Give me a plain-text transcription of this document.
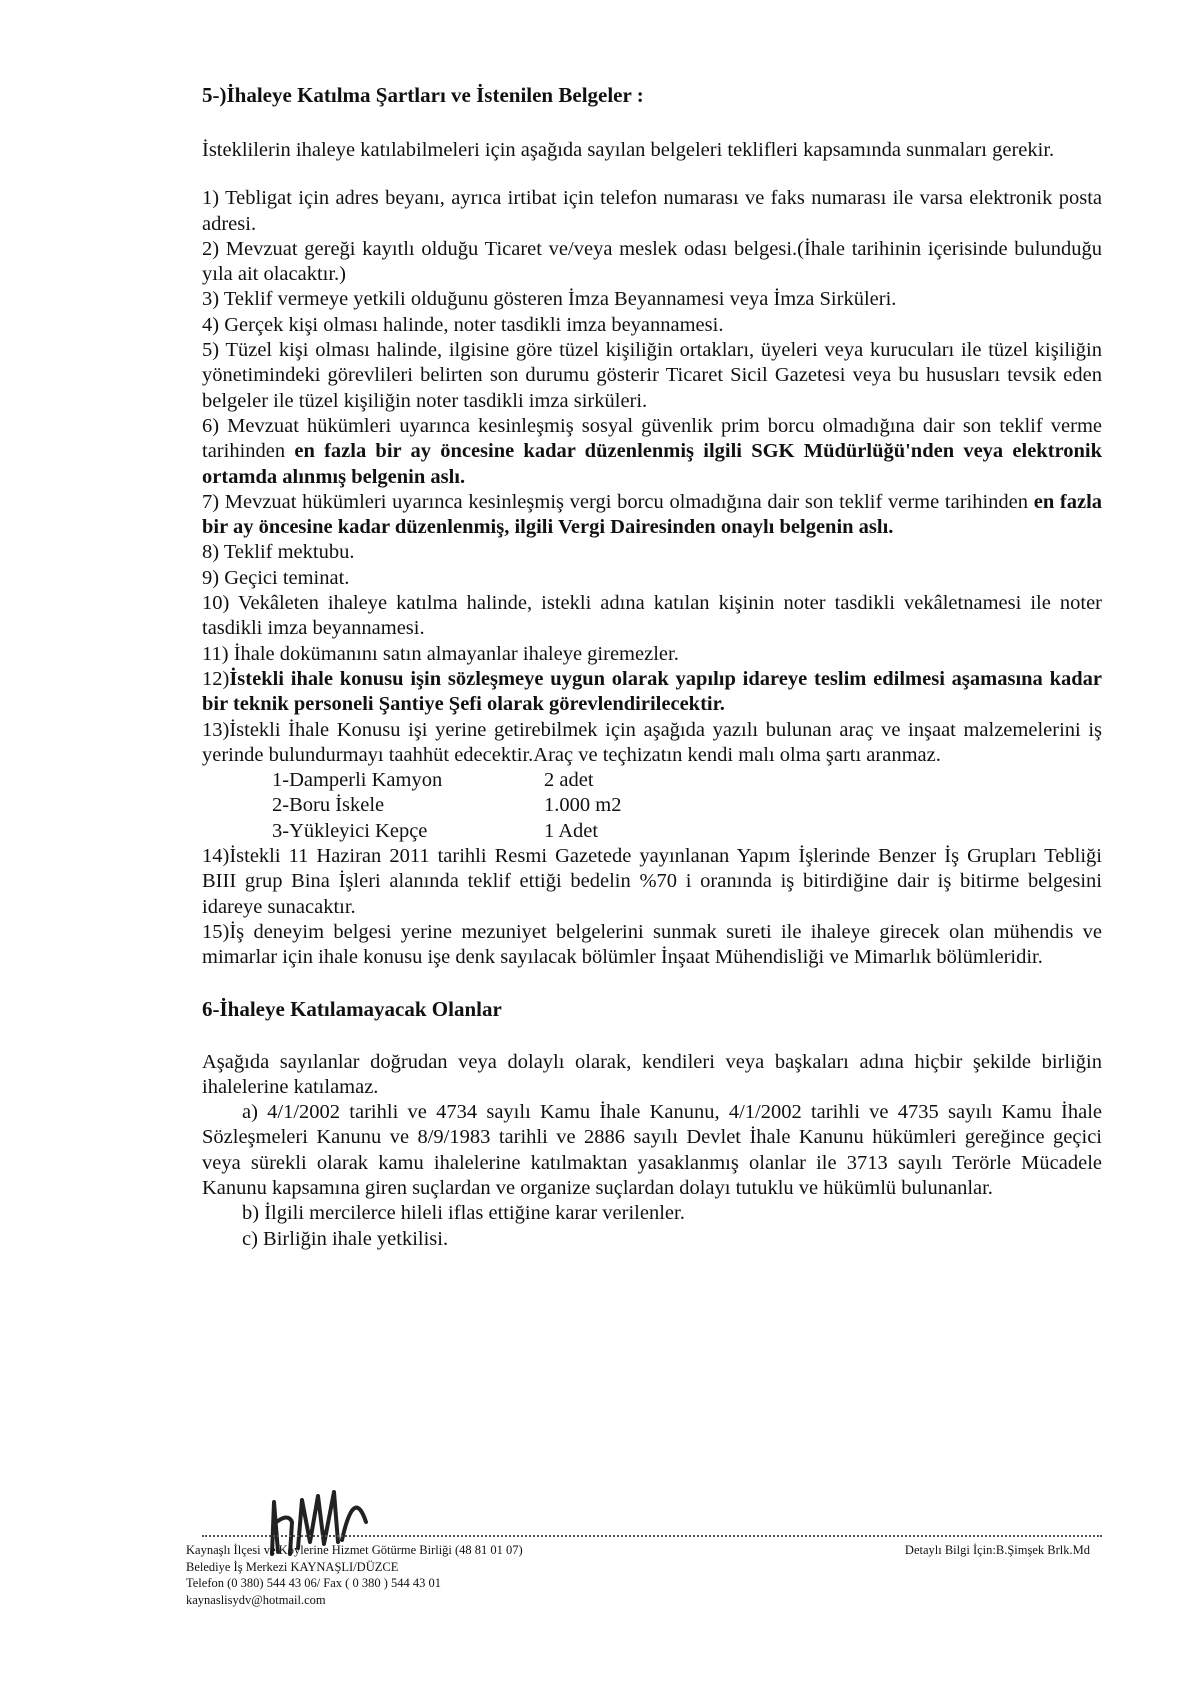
5-)İhaleye Katılma Şartları ve İstenilen Belgeler :

İsteklilerin ihaleye katılabilmeleri için aşağıda sayılan belgeleri teklifleri kapsamında sunmaları gerekir.

1) Tebligat için adres beyanı, ayrıca irtibat için telefon numarası ve faks numarası ile varsa elektronik posta adresi.

2) Mevzuat gereği kayıtlı olduğu Ticaret ve/veya meslek odası belgesi.(İhale tarihinin içerisinde bulunduğu yıla ait olacaktır.)

3) Teklif vermeye yetkili olduğunu gösteren İmza Beyannamesi veya İmza Sirküleri.

4) Gerçek kişi olması halinde, noter tasdikli imza beyannamesi.

5) Tüzel kişi olması halinde, ilgisine göre tüzel kişiliğin ortakları, üyeleri veya kurucuları ile tüzel kişiliğin yönetimindeki görevlileri belirten son durumu gösterir Ticaret Sicil Gazetesi veya bu hususları tevsik eden belgeler ile tüzel kişiliğin noter tasdikli imza sirküleri.

6) Mevzuat hükümleri uyarınca kesinleşmiş sosyal güvenlik prim borcu olmadığına dair son teklif verme tarihinden en fazla bir ay öncesine kadar düzenlenmiş ilgili SGK Müdürlüğü'nden veya elektronik ortamda alınmış belgenin aslı.

7) Mevzuat hükümleri uyarınca kesinleşmiş vergi borcu olmadığına dair son teklif verme tarihinden en fazla bir ay öncesine kadar düzenlenmiş, ilgili Vergi Dairesinden onaylı belgenin aslı.

8) Teklif mektubu.

9) Geçici teminat.

10) Vekâleten ihaleye katılma halinde, istekli adına katılan kişinin noter tasdikli vekâletnamesi ile noter tasdikli imza beyannamesi.

11) İhale dokümanını satın almayanlar ihaleye giremezler.

12)İstekli ihale konusu işin sözleşmeye uygun olarak yapılıp idareye teslim edilmesi aşamasına kadar bir teknik personeli Şantiye Şefi olarak görevlendirilecektir.

13)İstekli İhale Konusu işi yerine getirebilmek için aşağıda yazılı bulunan araç ve inşaat malzemelerini iş yerinde bulundurmayı taahhüt edecektir.Araç ve teçhizatın kendi malı olma şartı aranmaz.

1-Damperli Kamyon	2 adet
2-Boru İskele	1.000 m2
3-Yükleyici Kepçe	1 Adet

14)İstekli 11 Haziran 2011 tarihli Resmi Gazetede yayınlanan Yapım İşlerinde Benzer İş Grupları Tebliği BIII grup Bina İşleri alanında teklif ettiği bedelin %70 i oranında iş bitirdiğine dair iş bitirme belgesini idareye sunacaktır.

15)İş deneyim belgesi yerine mezuniyet belgelerini sunmak sureti ile ihaleye girecek olan mühendis ve mimarlar için ihale konusu işe denk sayılacak bölümler İnşaat Mühendisliği ve Mimarlık bölümleridir.

6-İhaleye Katılamayacak Olanlar

Aşağıda sayılanlar doğrudan veya dolaylı olarak, kendileri veya başkaları adına hiçbir şekilde birliğin ihalelerine katılamaz.

a) 4/1/2002 tarihli ve 4734 sayılı Kamu İhale Kanunu, 4/1/2002 tarihli ve 4735 sayılı Kamu İhale Sözleşmeleri Kanunu ve 8/9/1983 tarihli ve 2886 sayılı Devlet İhale Kanunu hükümleri gereğince geçici veya sürekli olarak kamu ihalelerine katılmaktan yasaklanmış olanlar ile 3713 sayılı Terörle Mücadele Kanunu kapsamına giren suçlardan ve organize suçlardan dolayı tutuklu ve hükümlü bulunanlar.

b) İlgili mercilerce hileli iflas ettiğine karar verilenler.

c) Birliğin ihale yetkilisi.

Kaynaşlı İlçesi ve Köylerine Hizmet Götürme Birliği (48 81 01 07)
Belediye İş Merkezi KAYNAŞLI/DÜZCE
Telefon (0 380) 544 43 06/ Fax ( 0 380 ) 544 43 01
kaynaslisydv@hotmail.com
Detaylı Bilgi İçin:B.Şimşek Brlk.Md
